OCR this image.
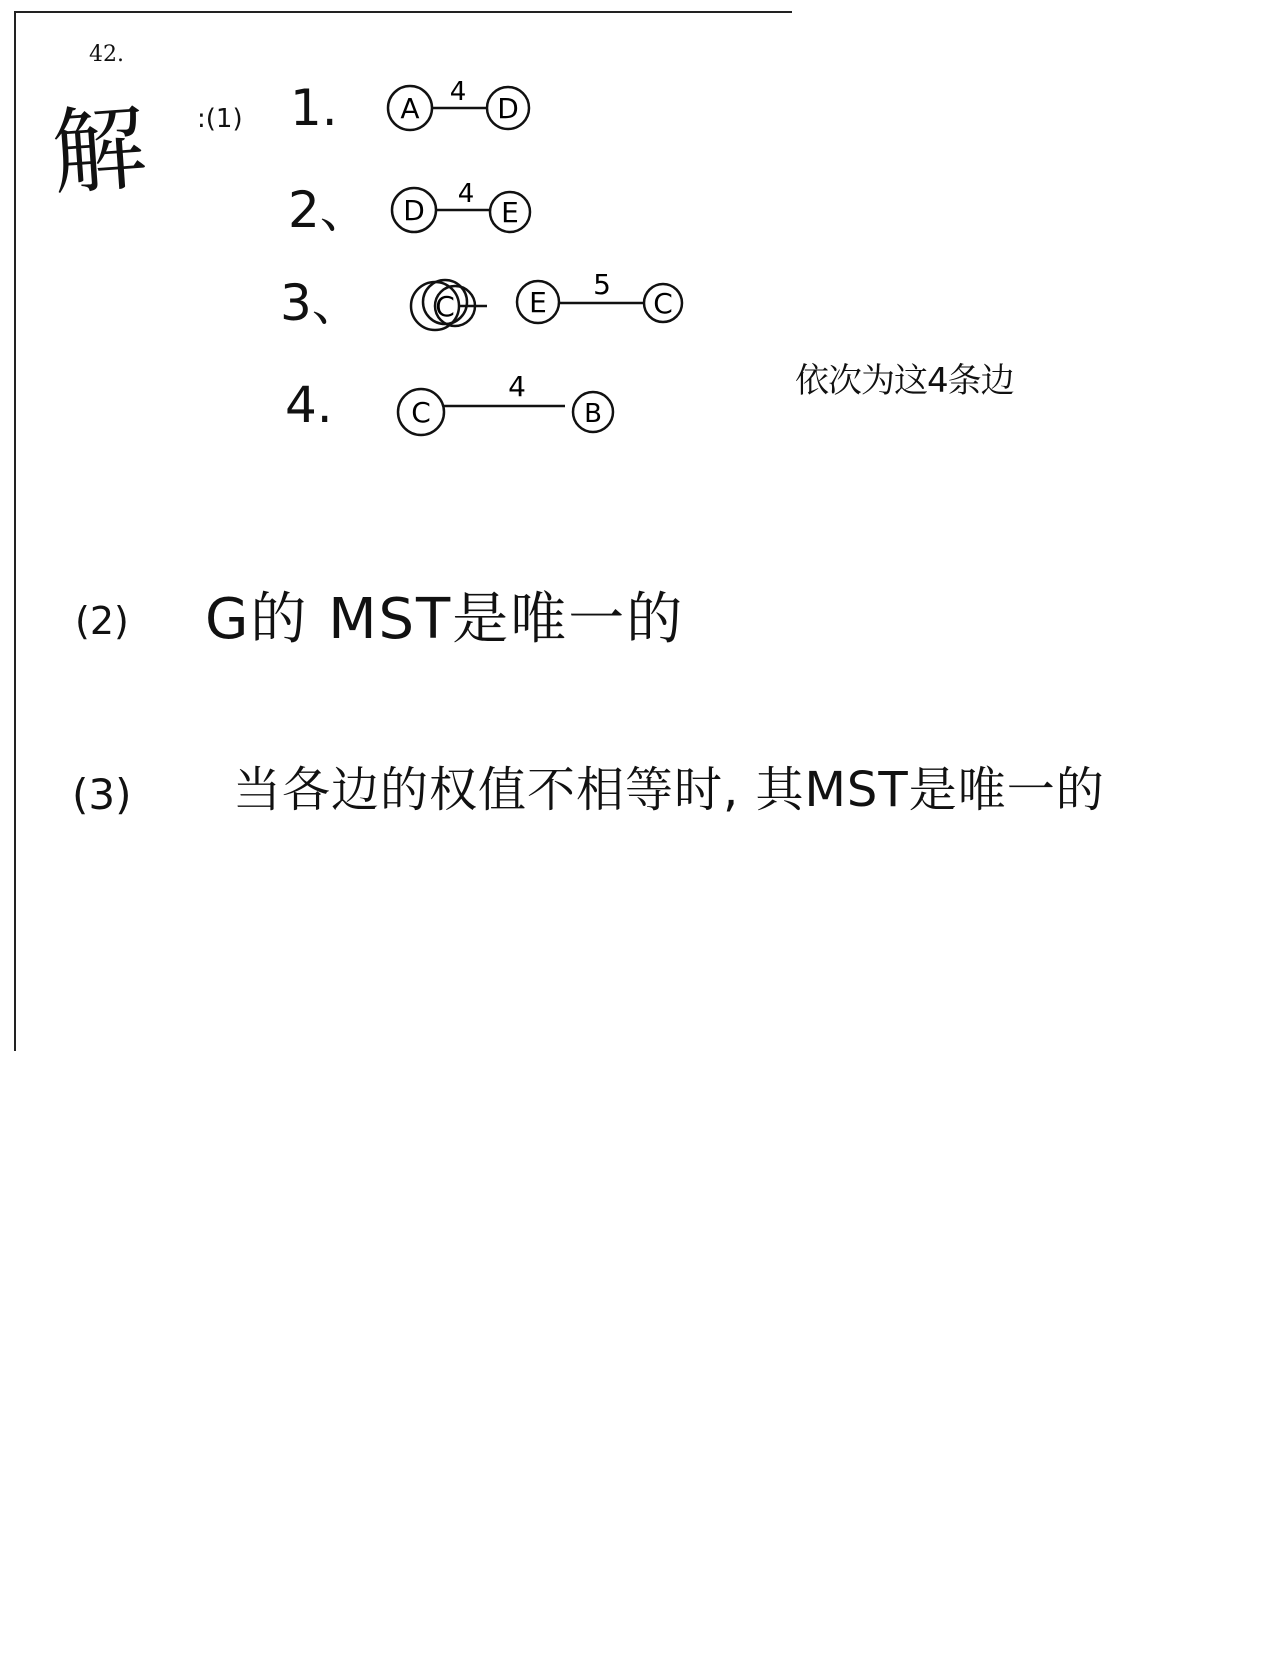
42.
解 :(1) 1. A 4 D
2、 D 4
E
3、	C	E
5
C
4.	C
4
B
依次为这4条边
(2) G的 MST是唯一的
(3) 当各边的权值不相等时, 其MST是唯一的
